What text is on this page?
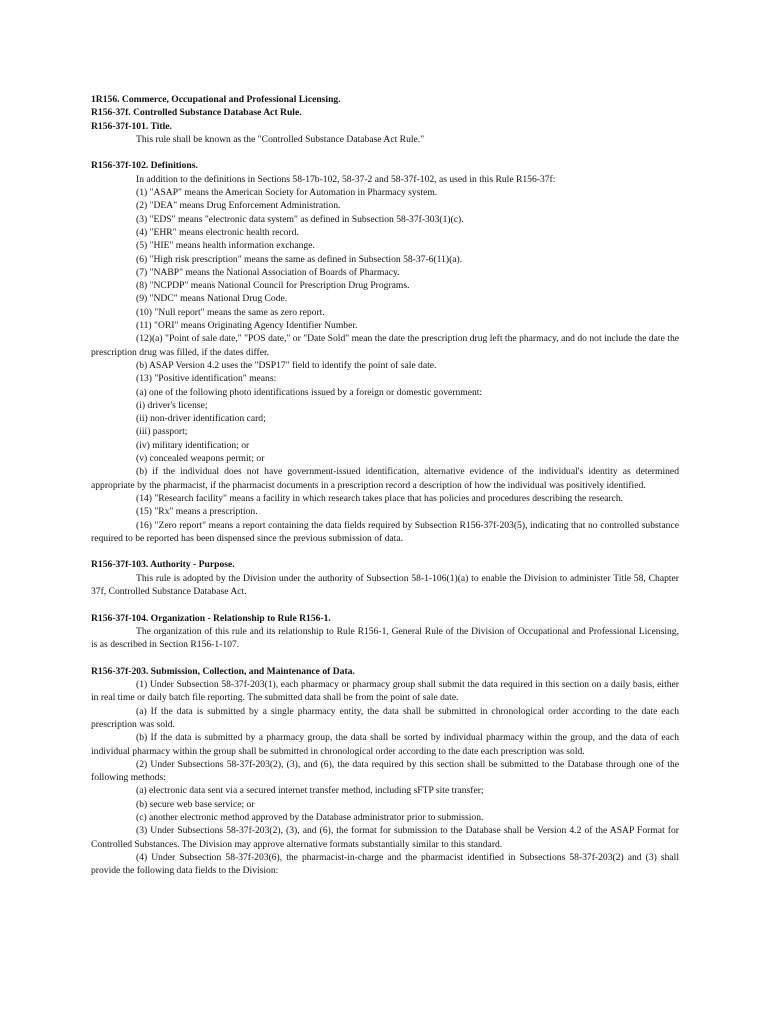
1R156. Commerce, Occupational and Professional Licensing.

R156-37f. Controlled Substance Database Act Rule.

R156-37f-101. Title.

This rule shall be known as the "Controlled Substance Database Act Rule."

R156-37f-102. Definitions.

In addition to the definitions in Sections 58-17b-102, 58-37-2 and 58-37f-102, as used in this Rule R156-37f:

(1) "ASAP" means the American Society for Automation in Pharmacy system.

(2) "DEA" means Drug Enforcement Administration.

(3) "EDS" means "electronic data system" as defined in Subsection 58-37f-303(1)(c).

(4) "EHR" means electronic health record.

(5) "HIE" means health information exchange.

(6) "High risk prescription" means the same as defined in Subsection 58-37-6(11)(a).

(7) "NABP" means the National Association of Boards of Pharmacy.

(8) "NCPDP" means National Council for Prescription Drug Programs.

(9) "NDC" means National Drug Code.

(10) "Null report" means the same as zero report.

(11) "ORI" means Originating Agency Identifier Number.

(12)(a) "Point of sale date," "POS date," or "Date Sold" mean the date the prescription drug left the pharmacy, and do not include the date the prescription drug was filled, if the dates differ.

(b) ASAP Version 4.2 uses the "DSP17" field to identify the point of sale date.

(13) "Positive identification" means:

(a) one of the following photo identifications issued by a foreign or domestic government:

(i) driver's license;

(ii) non-driver identification card;

(iii) passport;

(iv) military identification; or

(v) concealed weapons permit; or

(b) if the individual does not have government-issued identification, alternative evidence of the individual's identity as determined appropriate by the pharmacist, if the pharmacist documents in a prescription record a description of how the individual was positively identified.

(14) "Research facility" means a facility in which research takes place that has policies and procedures describing the research.

(15) "Rx" means a prescription.

(16) "Zero report" means a report containing the data fields required by Subsection R156-37f-203(5), indicating that no controlled substance required to be reported has been dispensed since the previous submission of data.

R156-37f-103. Authority - Purpose.

This rule is adopted by the Division under the authority of Subsection 58-1-106(1)(a) to enable the Division to administer Title 58, Chapter 37f, Controlled Substance Database Act.

R156-37f-104. Organization - Relationship to Rule R156-1.

The organization of this rule and its relationship to Rule R156-1, General Rule of the Division of Occupational and Professional Licensing, is as described in Section R156-1-107.

R156-37f-203. Submission, Collection, and Maintenance of Data.

(1) Under Subsection 58-37f-203(1), each pharmacy or pharmacy group shall submit the data required in this section on a daily basis, either in real time or daily batch file reporting. The submitted data shall be from the point of sale date.

(a) If the data is submitted by a single pharmacy entity, the data shall be submitted in chronological order according to the date each prescription was sold.

(b) If the data is submitted by a pharmacy group, the data shall be sorted by individual pharmacy within the group, and the data of each individual pharmacy within the group shall be submitted in chronological order according to the date each prescription was sold.

(2) Under Subsections 58-37f-203(2), (3), and (6), the data required by this section shall be submitted to the Database through one of the following methods:

(a) electronic data sent via a secured internet transfer method, including sFTP site transfer;

(b) secure web base service; or

(c) another electronic method approved by the Database administrator prior to submission.

(3) Under Subsections 58-37f-203(2), (3), and (6), the format for submission to the Database shall be Version 4.2 of the ASAP Format for Controlled Substances. The Division may approve alternative formats substantially similar to this standard.

(4) Under Subsection 58-37f-203(6), the pharmacist-in-charge and the pharmacist identified in Subsections 58-37f-203(2) and (3) shall provide the following data fields to the Division:
